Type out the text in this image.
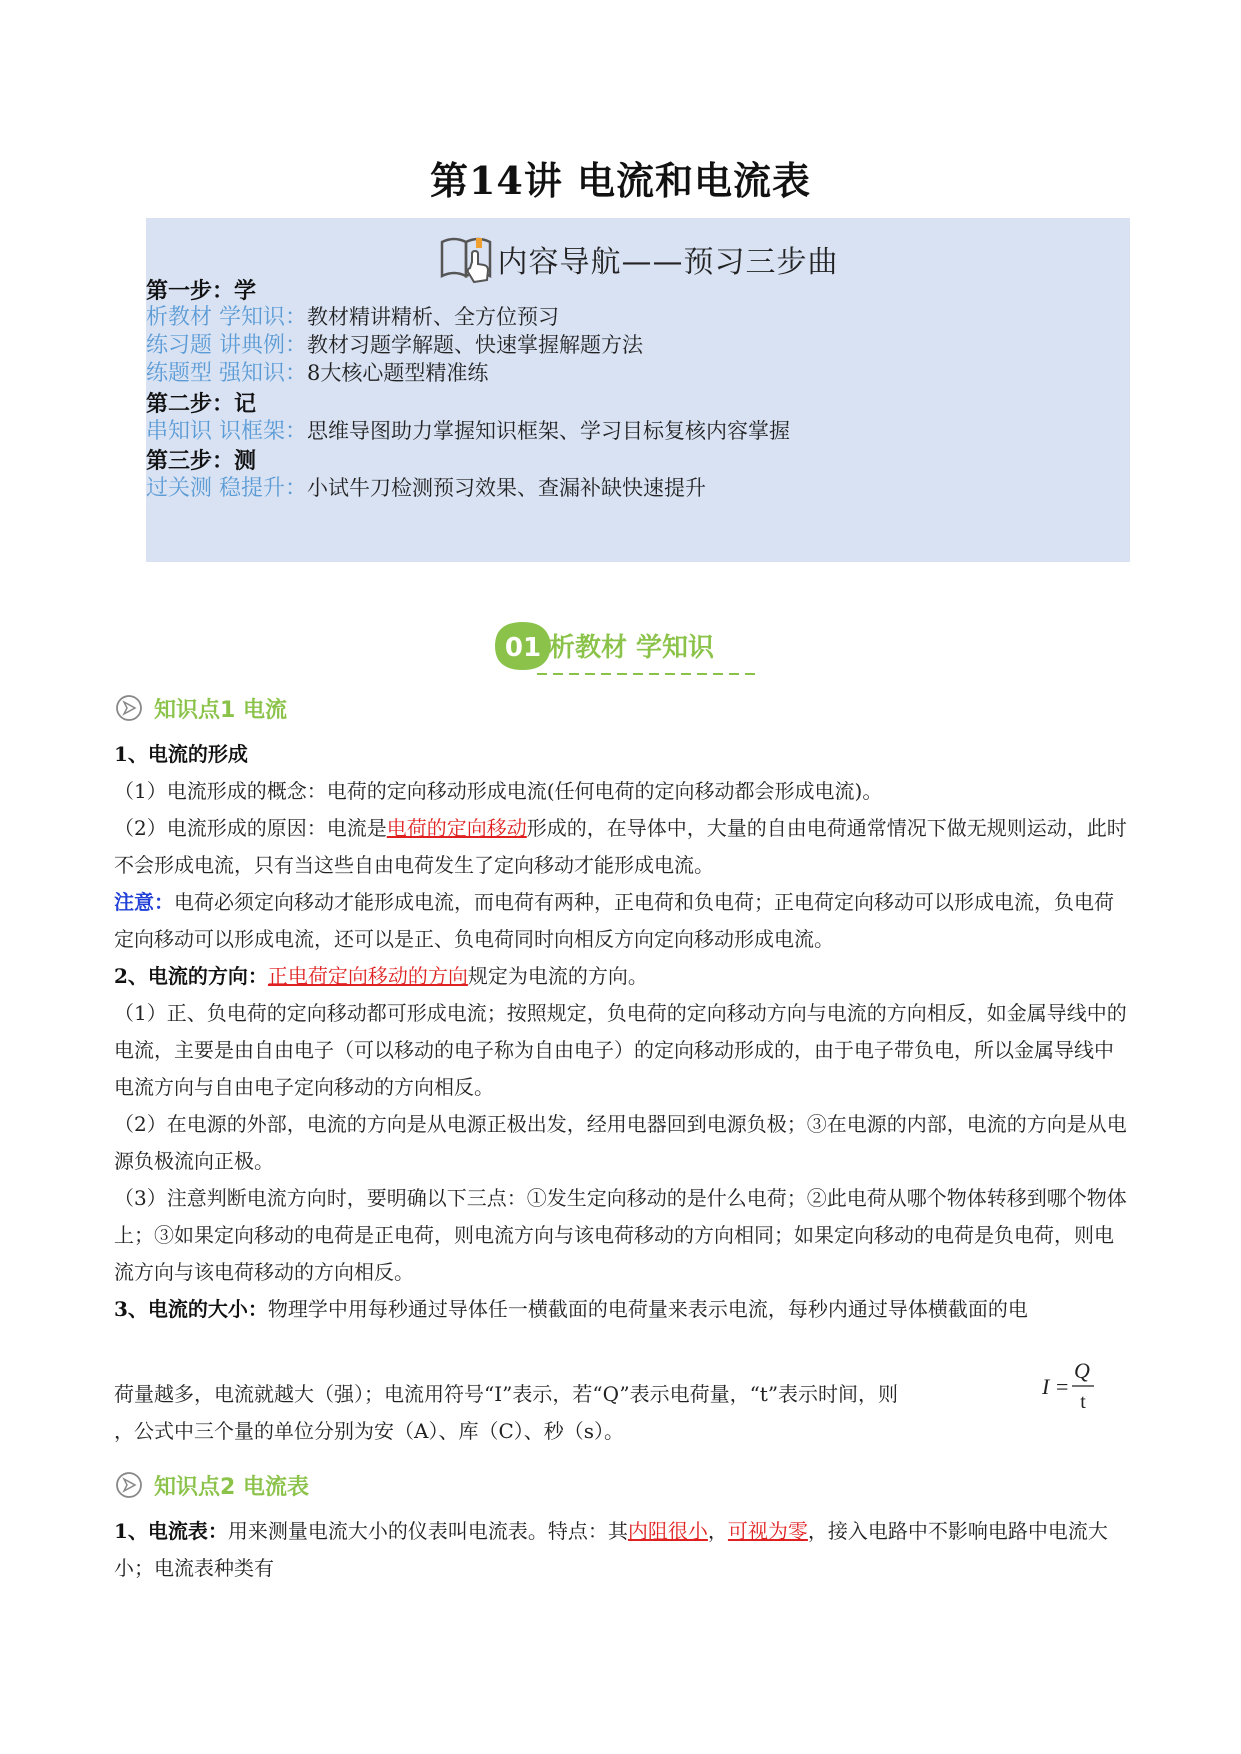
第14讲 电流和电流表
内容导航——预习三步曲
第一步：学
析教材 学知识：教材精讲精析、全方位预习
练习题 讲典例：教材习题学解题、快速掌握解题方法
练题型 强知识：8大核心题型精准练
第二步：记
串知识 识框架：思维导图助力掌握知识框架、学习目标复核内容掌握
第三步：测
过关测 稳提升：小试牛刀检测预习效果、查漏补缺快速提升
01 析教材 学知识
知识点1 电流
1、电流的形成
（1）电流形成的概念：电荷的定向移动形成电流(任何电荷的定向移动都会形成电流)。
（2）电流形成的原因：电流是电荷的定向移动形成的，在导体中，大量的自由电荷通常情况下做无规则运动，此时不会形成电流，只有当这些自由电荷发生了定向移动才能形成电流。
注意：电荷必须定向移动才能形成电流，而电荷有两种，正电荷和负电荷；正电荷定向移动可以形成电流，负电荷定向移动可以形成电流，还可以是正、负电荷同时向相反方向定向移动形成电流。
2、电流的方向：正电荷定向移动的方向规定为电流的方向。
（1）正、负电荷的定向移动都可形成电流；按照规定，负电荷的定向移动方向与电流的方向相反，如金属导线中的电流，主要是由自由电子（可以移动的电子称为自由电子）的定向移动形成的，由于电子带负电，所以金属导线中电流方向与自由电子定向移动的方向相反。
（2）在电源的外部，电流的方向是从电源正极出发，经用电器回到电源负极；③在电源的内部，电流的方向是从电源负极流向正极。
（3）注意判断电流方向时，要明确以下三点：①发生定向移动的是什么电荷；②此电荷从哪个物体转移到哪个物体上；③如果定向移动的电荷是正电荷，则电流方向与该电荷移动的方向相同；如果定向移动的电荷是负电荷，则电流方向与该电荷移动的方向相反。
3、电流的大小：物理学中用每秒通过导体任一横截面的电荷量来表示电流，每秒内通过导体横截面的电
荷量越多，电流就越大（强）；电流用符号“I”表示，若“Q”表示电荷量，“t”表示时间，则	I =
Q
t
，公式中三个量的单位分别为安（A）、库（C）、秒（s）。
知识点2 电流表
1、电流表：用来测量电流大小的仪表叫电流表。特点：其内阻很小，可视为零，接入电路中不影响电路中电流大小；电流表种类有
